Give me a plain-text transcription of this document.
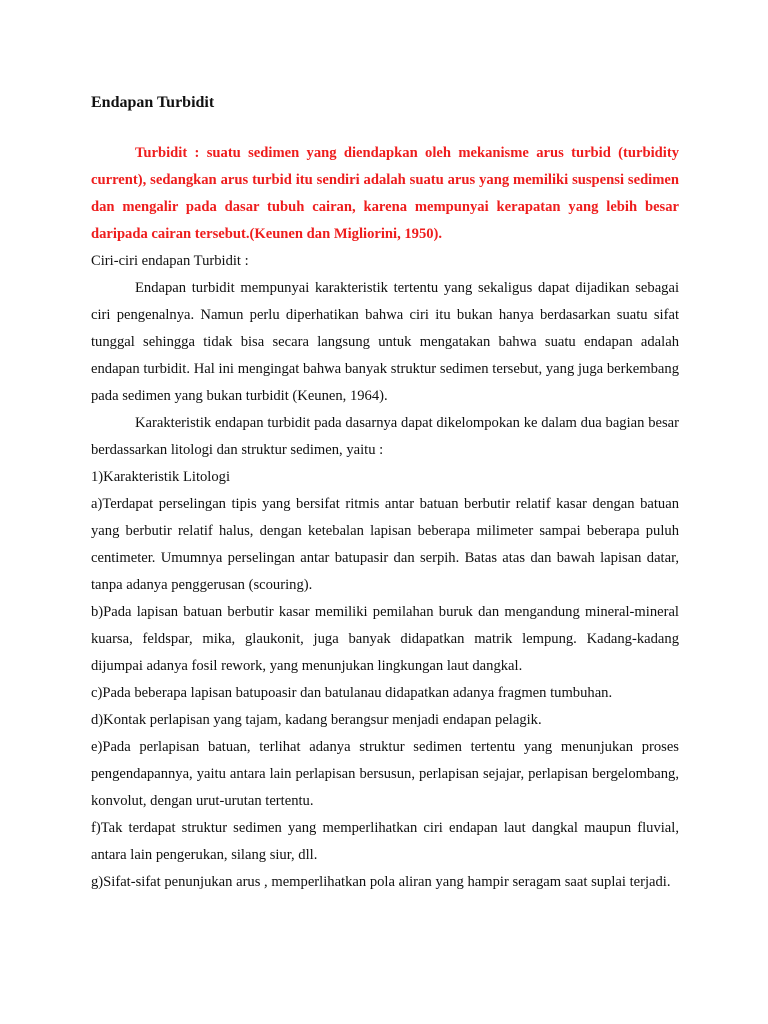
Endapan Turbidit

Turbidit : suatu sedimen yang diendapkan oleh mekanisme arus turbid (turbidity current), sedangkan arus turbid itu sendiri adalah suatu arus yang memiliki suspensi sedimen dan mengalir pada dasar tubuh cairan, karena mempunyai kerapatan yang lebih besar daripada cairan tersebut.(Keunen dan Migliorini, 1950).

Ciri-ciri endapan Turbidit :

Endapan turbidit mempunyai karakteristik tertentu yang sekaligus dapat dijadikan sebagai ciri pengenalnya. Namun perlu diperhatikan bahwa ciri itu bukan hanya berdasarkan suatu sifat tunggal sehingga tidak bisa secara langsung untuk mengatakan bahwa suatu endapan adalah endapan turbidit. Hal ini mengingat bahwa banyak struktur sedimen tersebut, yang juga berkembang pada sedimen yang bukan turbidit (Keunen, 1964).

Karakteristik endapan turbidit pada dasarnya dapat dikelompokan ke dalam dua bagian besar berdassarkan litologi dan struktur sedimen, yaitu :

1)Karakteristik Litologi

a)Terdapat perselingan tipis yang bersifat ritmis antar batuan berbutir relatif kasar dengan batuan yang berbutir relatif halus, dengan ketebalan lapisan beberapa milimeter sampai beberapa puluh centimeter. Umumnya perselingan antar batupasir dan serpih. Batas atas dan bawah lapisan datar, tanpa adanya penggerusan (scouring).

b)Pada lapisan batuan berbutir kasar memiliki pemilahan buruk dan mengandung mineral-mineral kuarsa, feldspar, mika, glaukonit, juga banyak didapatkan matrik lempung. Kadang-kadang dijumpai adanya fosil rework, yang menunjukan lingkungan laut dangkal.

c)Pada beberapa lapisan batupoasir dan batulanau didapatkan adanya fragmen tumbuhan.

d)Kontak perlapisan yang tajam, kadang berangsur menjadi endapan pelagik.

e)Pada perlapisan batuan, terlihat adanya struktur sedimen tertentu yang menunjukan proses pengendapannya, yaitu antara lain perlapisan bersusun, perlapisan sejajar, perlapisan bergelombang, konvolut, dengan urut-urutan tertentu.

f)Tak terdapat struktur sedimen yang memperlihatkan ciri endapan laut dangkal maupun fluvial, antara lain pengerukan, silang siur, dll.

g)Sifat-sifat penunjukan arus , memperlihatkan pola aliran yang hampir seragam saat suplai terjadi.
